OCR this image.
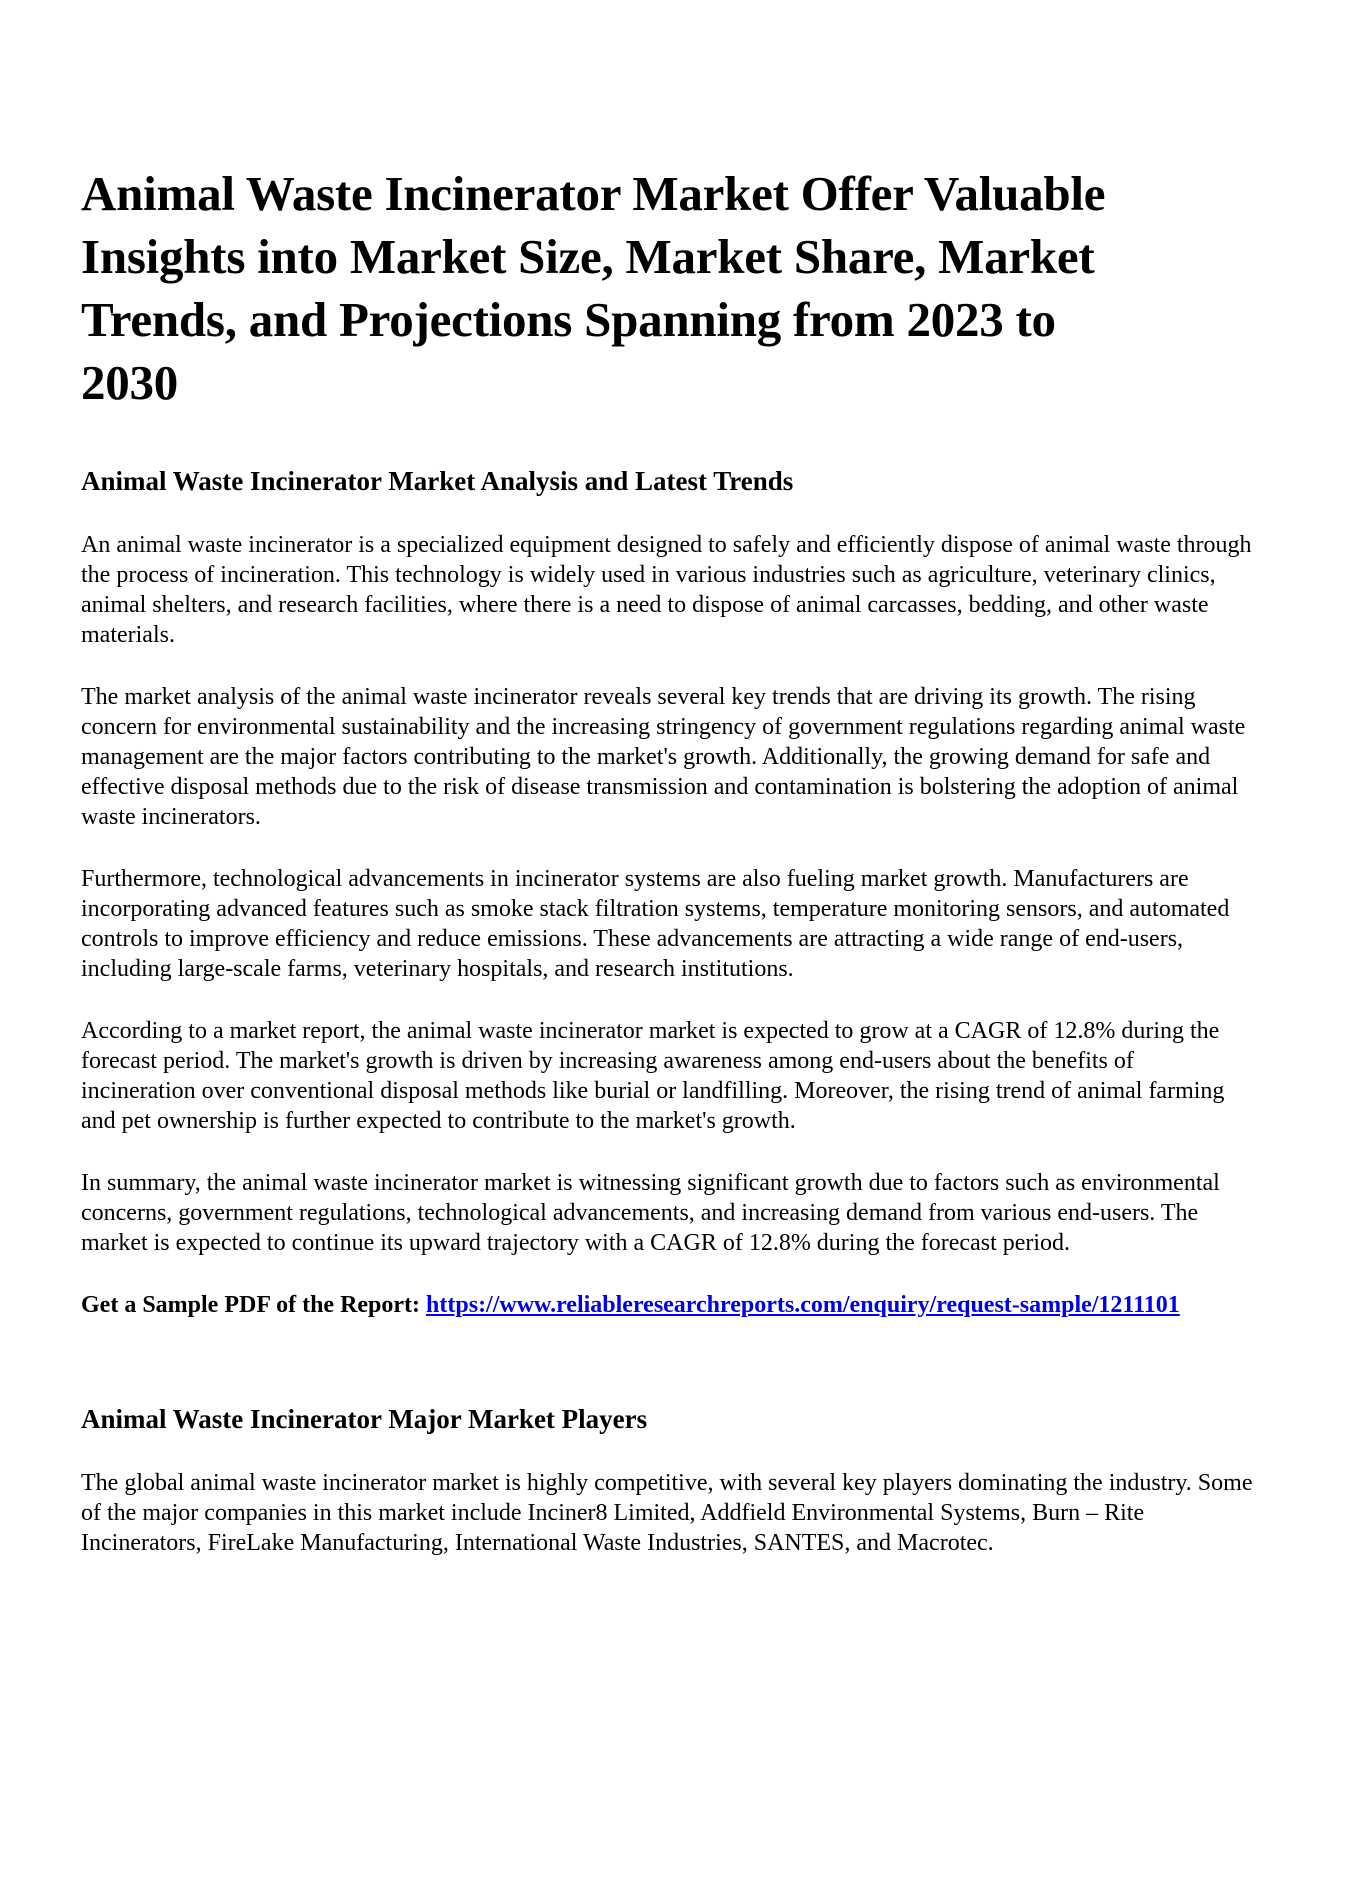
Animal Waste Incinerator Market Offer Valuable
Insights into Market Size, Market Share, Market
Trends, and Projections Spanning from 2023 to
2030
Animal Waste Incinerator Market Analysis and Latest Trends

An animal waste incinerator is a specialized equipment designed to safely and efficiently dispose of animal waste through the process of incineration. This technology is widely used in various industries such as agriculture, veterinary clinics, animal shelters, and research facilities, where there is a need to dispose of animal carcasses, bedding, and other waste materials.

The market analysis of the animal waste incinerator reveals several key trends that are driving its growth. The rising concern for environmental sustainability and the increasing stringency of government regulations regarding animal waste management are the major factors contributing to the market's growth. Additionally, the growing demand for safe and effective disposal methods due to the risk of disease transmission and contamination is bolstering the adoption of animal waste incinerators.

Furthermore, technological advancements in incinerator systems are also fueling market growth. Manufacturers are incorporating advanced features such as smoke stack filtration systems, temperature monitoring sensors, and automated controls to improve efficiency and reduce emissions. These advancements are attracting a wide range of end-users, including large-scale farms, veterinary hospitals, and research institutions.

According to a market report, the animal waste incinerator market is expected to grow at a CAGR of 12.8% during the forecast period. The market's growth is driven by increasing awareness among end-users about the benefits of incineration over conventional disposal methods like burial or landfilling. Moreover, the rising trend of animal farming and pet ownership is further expected to contribute to the market's growth.

In summary, the animal waste incinerator market is witnessing significant growth due to factors such as environmental concerns, government regulations, technological advancements, and increasing demand from various end-users. The market is expected to continue its upward trajectory with a CAGR of 12.8% during the forecast period.

Get a Sample PDF of the Report: https://www.reliableresearchreports.com/enquiry/request-sample/1211101

Animal Waste Incinerator Major Market Players

The global animal waste incinerator market is highly competitive, with several key players dominating the industry. Some of the major companies in this market include Inciner8 Limited, Addfield Environmental Systems, Burn – Rite Incinerators, FireLake Manufacturing, International Waste Industries, SANTES, and Macrotec.
